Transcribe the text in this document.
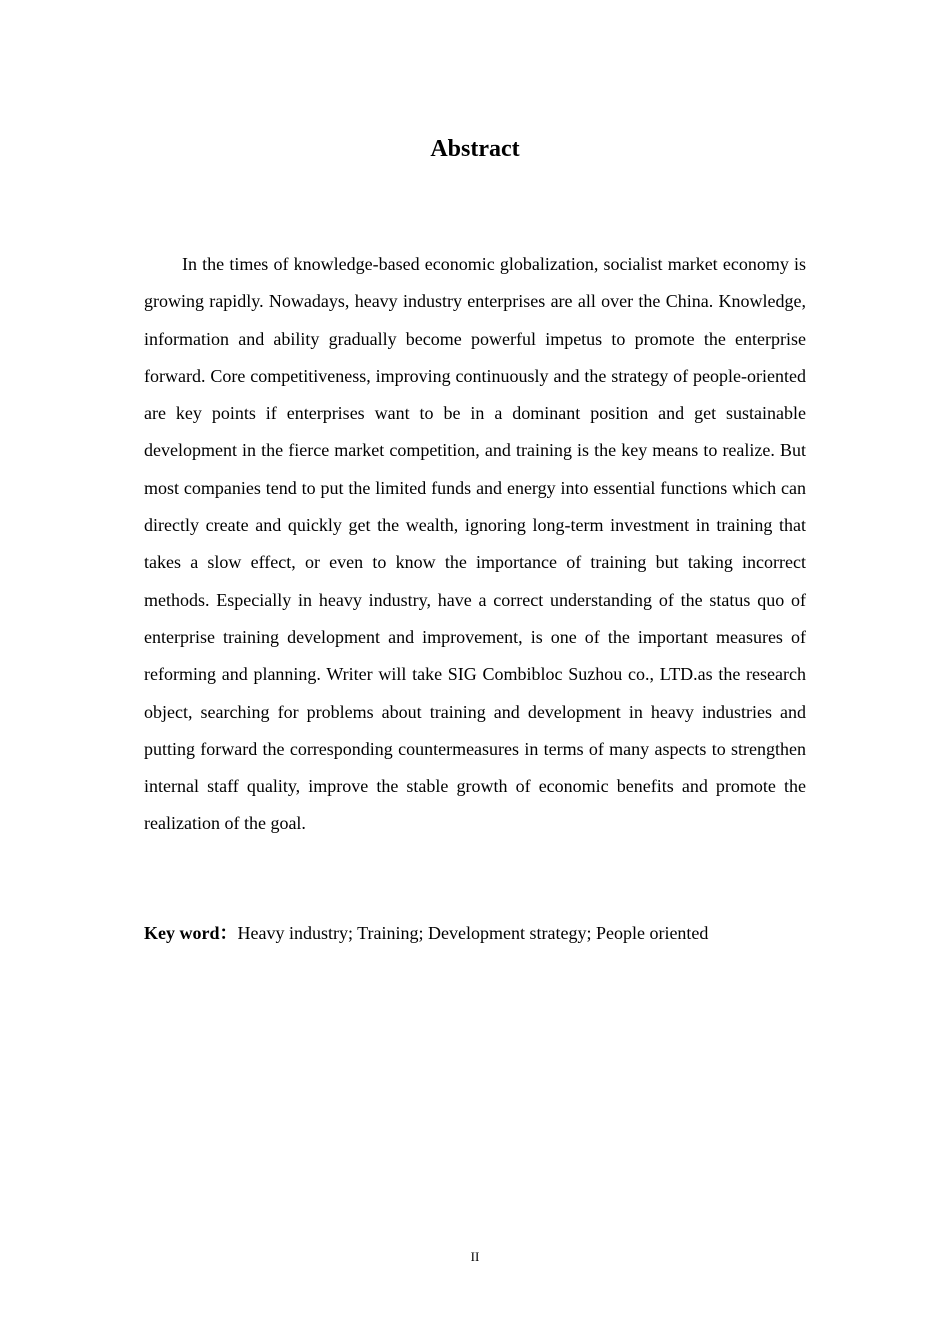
Abstract

In the times of knowledge-based economic globalization, socialist market economy is growing rapidly. Nowadays, heavy industry enterprises are all over the China. Knowledge, information and ability gradually become powerful impetus to promote the enterprise forward. Core competitiveness, improving continuously and the strategy of people-oriented are key points if enterprises want to be in a dominant position and get sustainable development in the fierce market competition, and training is the key means to realize. But most companies tend to put the limited funds and energy into essential functions which can directly create and quickly get the wealth, ignoring long-term investment in training that takes a slow effect, or even to know the importance of training but taking incorrect methods. Especially in heavy industry, have a correct understanding of the status quo of enterprise training development and improvement, is one of the important measures of reforming and planning. Writer will take SIG Combibloc Suzhou co., LTD.as the research object, searching for problems about training and development in heavy industries and putting forward the corresponding countermeasures in terms of many aspects to strengthen internal staff quality, improve the stable growth of economic benefits and promote the realization of the goal.

Key word：Heavy industry; Training; Development strategy; People oriented

II
